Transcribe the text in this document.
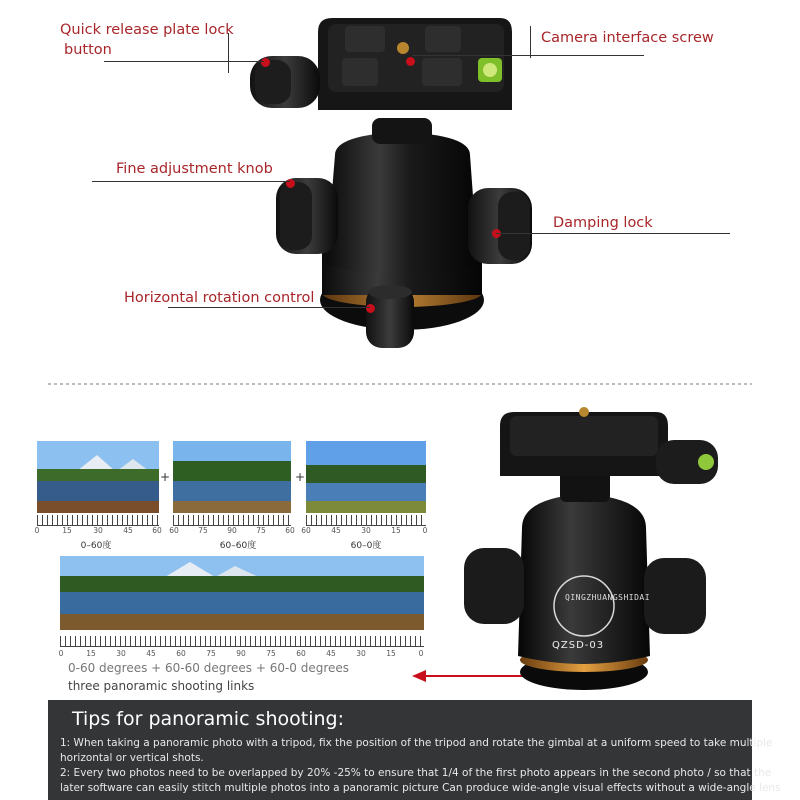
Quick release plate lock
button
Camera interface screw
Fine adjustment knob
Damping lock
Horizontal rotation control
+	+
0	15	30	45	60 60	75	90	75	60 60	45	30	15	0
0–60度	60–60度	60–0度
0	15	30	45	60	75	90	75	60	45	30	15	0
0-60 degrees + 60-60 degrees + 60-0 degrees
three panoramic shooting links
QINGZHUANGSHIDAI
QZSD-03
Tips for panoramic shooting:
1: When taking a panoramic photo with a tripod, fix the position of the tripod and rotate the gimbal at a uniform speed to take multiple
horizontal or vertical shots.
2: Every two photos need to be overlapped by 20% -25% to ensure that 1/4 of the first photo appears in the second photo / so that the
later software can easily stitch multiple photos into a panoramic picture Can produce wide-angle visual effects without a wide-angle lens
